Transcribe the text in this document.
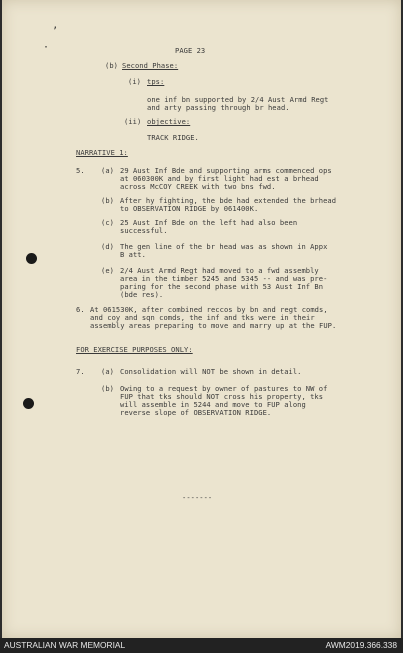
’
·	PAGE 23
(b) Second Phase:
(i) tps:
one inf bn supported by 2/4 Aust Armd Regt
and arty passing through br head.
(ii) objective:
TRACK RIDGE.
NARRATIVE 1:
5. (a) 29 Aust Inf Bde and supporting arms commenced ops
at 060300K and by first light had est a brhead
across McCOY CREEK with two bns fwd.
(b) After hy fighting, the bde had extended the brhead
to OBSERVATION RIDGE by 061400K.
(c) 25 Aust Inf Bde on the left had also been
successful.
(d) The gen line of the br head was as shown in Appx
B att.
(e) 2/4 Aust Armd Regt had moved to a fwd assembly
area in the timber 5245 and 5345 -- and was pre-
paring for the second phase with 53 Aust Inf Bn
(bde res).
6. At 061530K, after combined reccos by bn and regt comds,
and coy and sqn comds, the inf and tks were in their
assembly areas preparing to move and marry up at the FUP.
FOR EXERCISE PURPOSES ONLY:
7. (a) Consolidation will NOT be shown in detail.
(b) Owing to a request by owner of pastures to NW of
FUP that tks should NOT cross his property, tks
will assemble in 5244 and move to FUP along
reverse slope of OBSERVATION RIDGE.
-------
AUSTRALIAN WAR MEMORIAL	AWM2019.366.338
